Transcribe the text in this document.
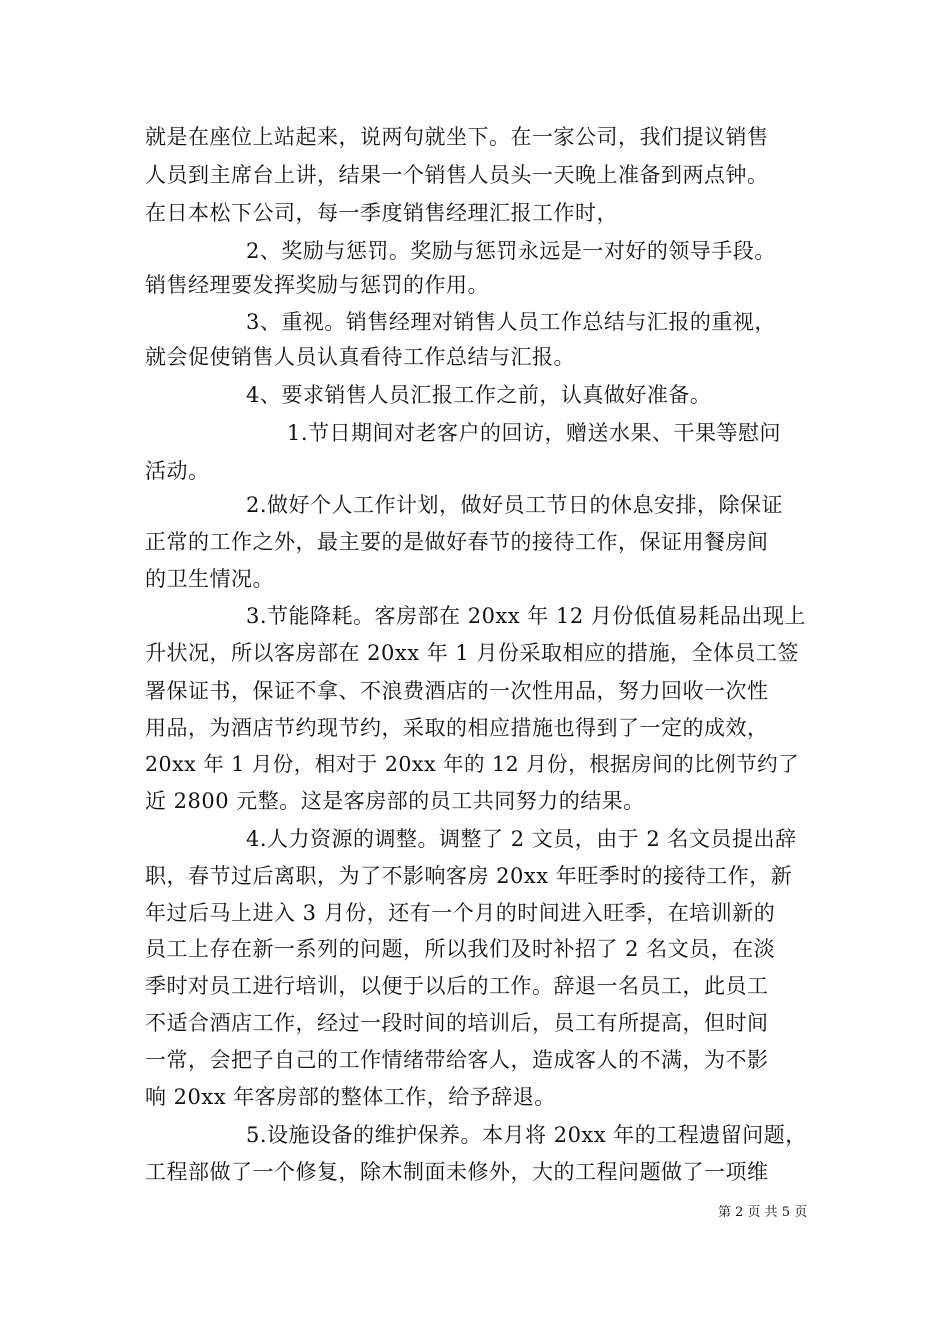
就是在座位上站起来，说两句就坐下。在一家公司，我们提议销售
人员到主席台上讲，结果一个销售人员头一天晚上准备到两点钟。
在日本松下公司，每一季度销售经理汇报工作时，
2、奖励与惩罚。奖励与惩罚永远是一对好的领导手段。
销售经理要发挥奖励与惩罚的作用。
3、重视。销售经理对销售人员工作总结与汇报的重视，
就会促使销售人员认真看待工作总结与汇报。
4、要求销售人员汇报工作之前，认真做好准备。
1.节日期间对老客户的回访，赠送水果、干果等慰问
活动。
2.做好个人工作计划，做好员工节日的休息安排，除保证
正常的工作之外，最主要的是做好春节的接待工作，保证用餐房间
的卫生情况。
3.节能降耗。客房部在 20xx 年 12 月份低值易耗品出现上
升状况，所以客房部在 20xx 年 1 月份采取相应的措施，全体员工签
署保证书，保证不拿、不浪费酒店的一次性用品，努力回收一次性
用品，为酒店节约现节约，采取的相应措施也得到了一定的成效，
20xx 年 1 月份，相对于 20xx 年的 12 月份，根据房间的比例节约了
近 2800 元整。这是客房部的员工共同努力的结果。
4.人力资源的调整。调整了 2 文员，由于 2 名文员提出辞
职，春节过后离职，为了不影响客房 20xx 年旺季时的接待工作，新
年过后马上进入 3 月份，还有一个月的时间进入旺季，在培训新的
员工上存在新一系列的问题，所以我们及时补招了 2 名文员，在淡
季时对员工进行培训，以便于以后的工作。辞退一名员工，此员工
不适合酒店工作，经过一段时间的培训后，员工有所提高，但时间
一常，会把子自己的工作情绪带给客人，造成客人的不满，为不影
响 20xx 年客房部的整体工作，给予辞退。
5.设施设备的维护保养。本月将 20xx 年的工程遗留问题，
工程部做了一个修复，除木制面未修外，大的工程问题做了一项维
第 2 页 共 5 页
